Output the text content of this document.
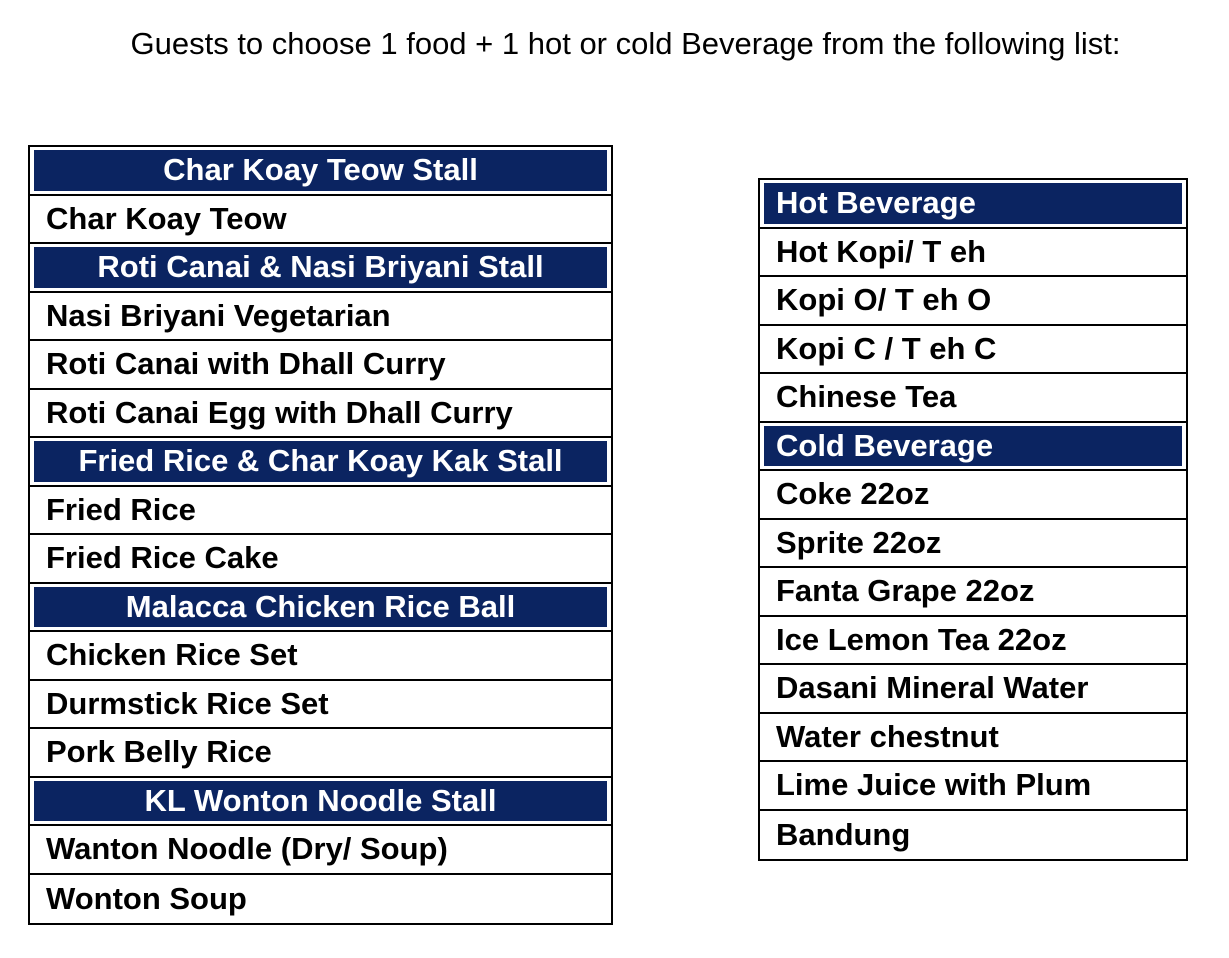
Guests to choose 1 food + 1 hot or cold Beverage from the following list:
Char Koay Teow Stall
Char Koay Teow
Roti Canai & Nasi Briyani Stall
Nasi Briyani Vegetarian
Roti Canai with Dhall Curry
Roti Canai Egg with Dhall Curry
Fried Rice & Char Koay Kak Stall
Fried Rice
Fried Rice Cake
Malacca Chicken Rice Ball
Chicken Rice Set
Durmstick Rice Set
Pork Belly Rice
KL Wonton Noodle Stall
Wanton Noodle (Dry/ Soup)
Wonton Soup
Hot Beverage
Hot Kopi/ T eh
Kopi O/ T eh O
Kopi C / T eh C
Chinese Tea
Cold Beverage
Coke 22oz
Sprite 22oz
Fanta Grape 22oz
Ice Lemon Tea 22oz
Dasani Mineral Water
Water chestnut
Lime Juice with Plum
Bandung
